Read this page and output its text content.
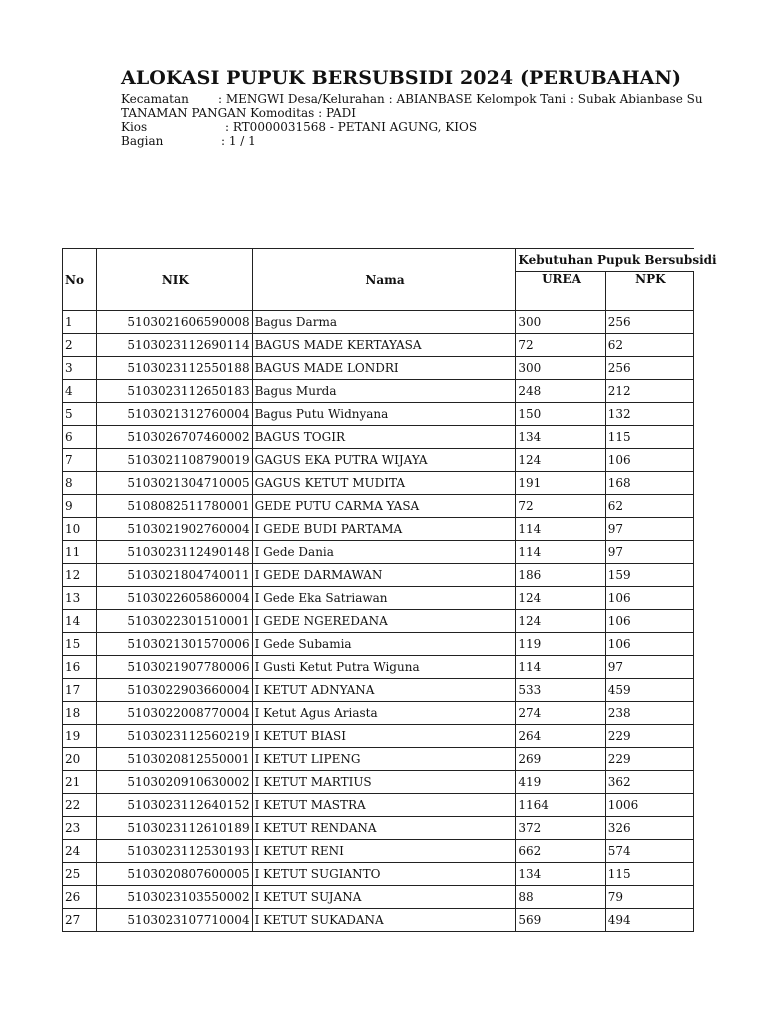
ALOKASI PUPUK BERSUBSIDI 2024 (PERUBAHAN)
Kecamatan : MENGWI Desa/Kelurahan : ABIANBASE Kelompok Tani : Subak Abianbase Su
TANAMAN PANGAN Komoditas : PADI
Kios	: RT0000031568 - PETANI AGUNG, KIOS
Bagian	: 1 / 1
No	NIK	Nama	Kebutuhan Pupuk Bersubsidi	
			UREA	NPK
1	5103021606590008	Bagus Darma	300	256
2	5103023112690114	BAGUS MADE KERTAYASA	72	62
3	5103023112550188	BAGUS MADE LONDRI	300	256
4	5103023112650183	Bagus Murda	248	212
5	5103021312760004	Bagus Putu Widnyana	150	132
6	5103026707460002	BAGUS TOGIR	134	115
7	5103021108790019	GAGUS EKA PUTRA WIJAYA	124	106
8	5103021304710005	GAGUS KETUT MUDITA	191	168
9	5108082511780001	GEDE PUTU CARMA YASA	72	62
10	5103021902760004	I GEDE BUDI PARTAMA	114	97
11	5103023112490148	I Gede Dania	114	97
12	5103021804740011	I GEDE DARMAWAN	186	159
13	5103022605860004	I Gede Eka Satriawan	124	106
14	5103022301510001	I GEDE NGEREDANA	124	106
15	5103021301570006	I Gede Subamia	119	106
16	5103021907780006	I Gusti Ketut Putra Wiguna	114	97
17	5103022903660004	I KETUT ADNYANA	533	459
18	5103022008770004	I Ketut Agus Ariasta	274	238
19	5103023112560219	I KETUT BIASI	264	229
20	5103020812550001	I KETUT LIPENG	269	229
21	5103020910630002	I KETUT MARTIUS	419	362
22	5103023112640152	I KETUT MASTRA	1164	1006
23	5103023112610189	I KETUT RENDANA	372	326
24	5103023112530193	I KETUT RENI	662	574
25	5103020807600005	I KETUT SUGIANTO	134	115
26	5103023103550002	I KETUT SUJANA	88	79
27	5103023107710004	I KETUT SUKADANA	569	494
